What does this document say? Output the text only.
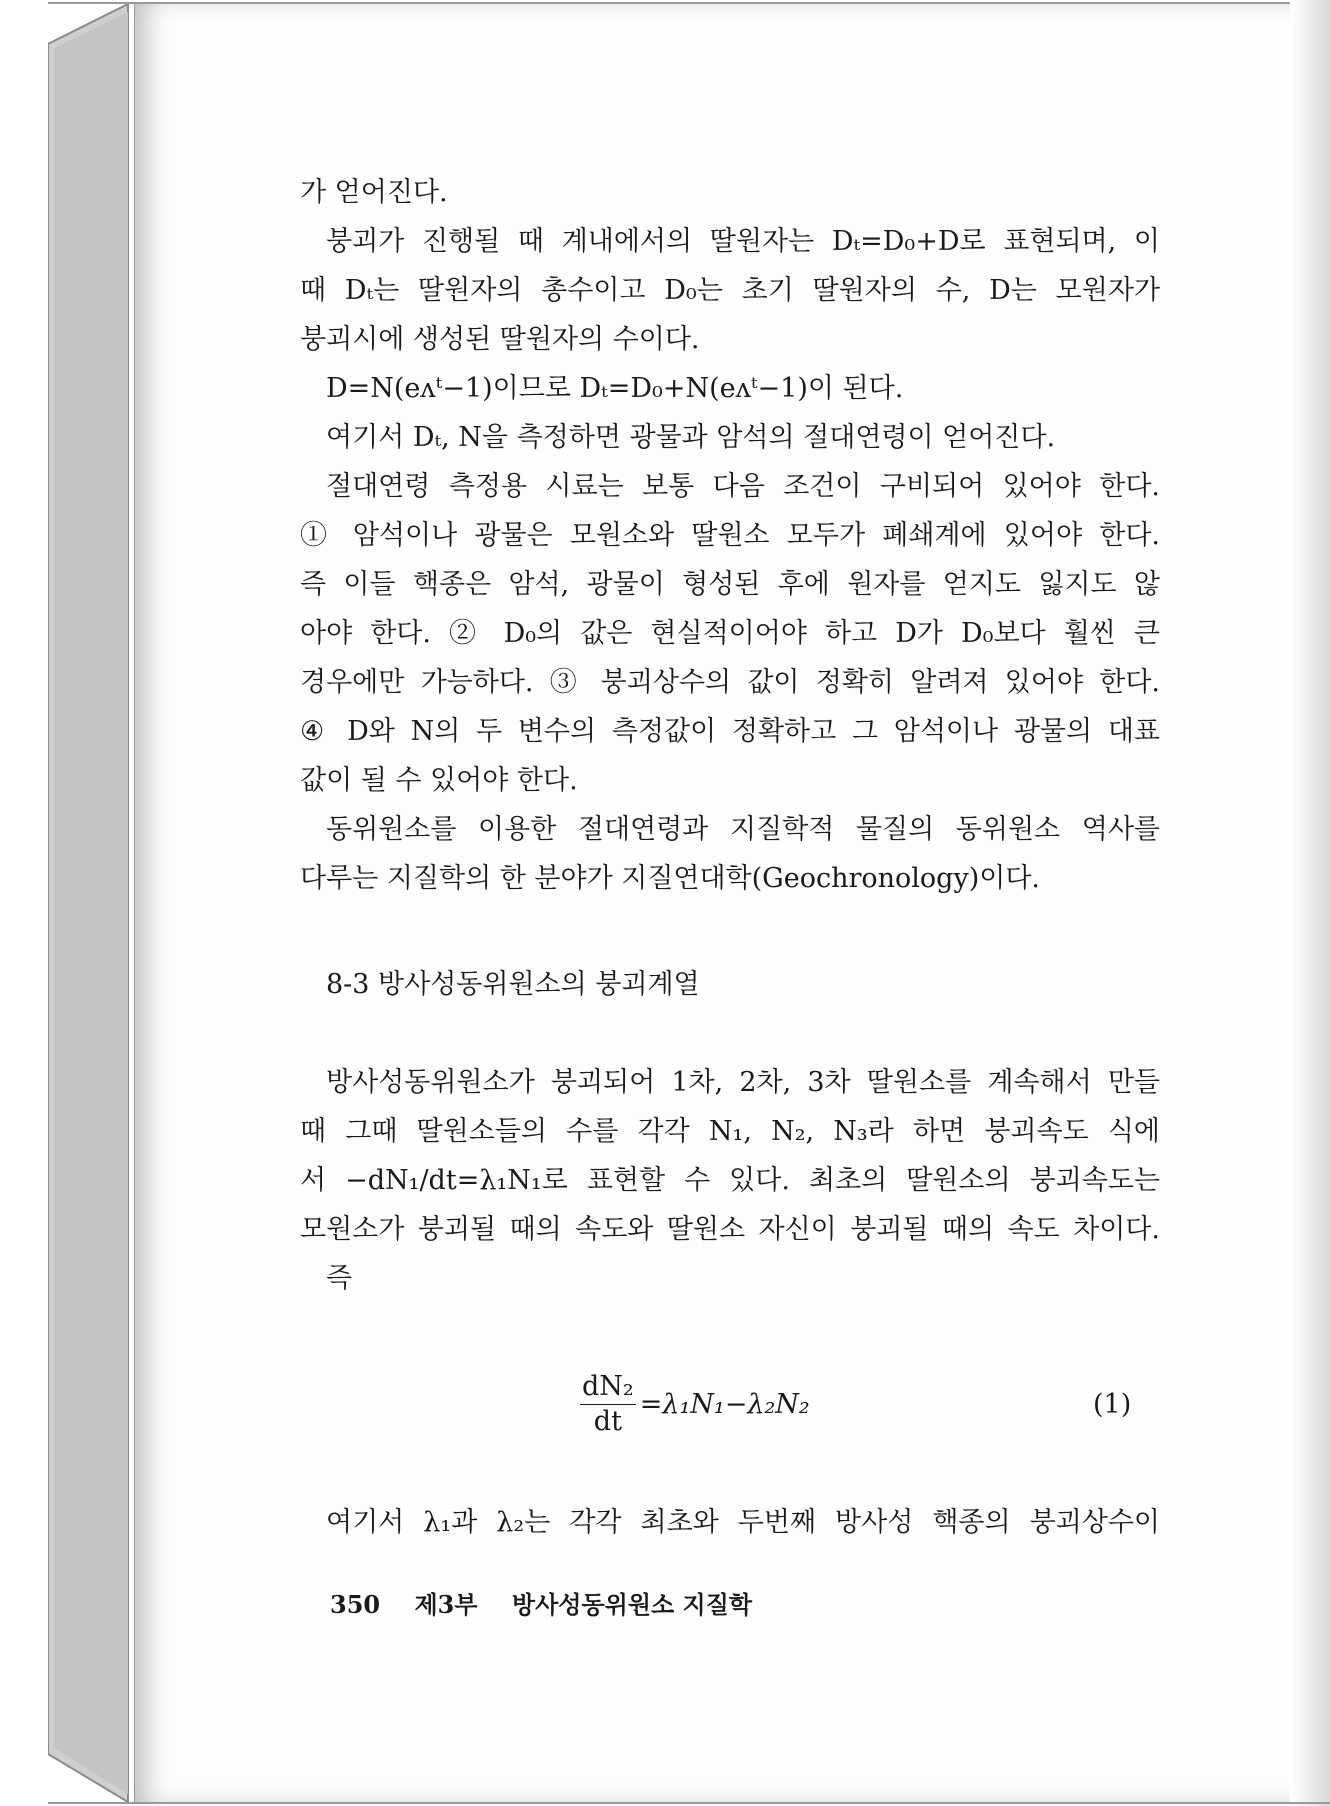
가 얻어진다.
붕괴가 진행될 때 계내에서의 딸원자는 Dₜ=D₀+D로 표현되며, 이
때 Dₜ는 딸원자의 총수이고 D₀는 초기 딸원자의 수, D는 모원자가
붕괴시에 생성된 딸원자의 수이다.
D=N(eᴧᵗ−1)이므로 Dₜ=D₀+N(eᴧᵗ−1)이 된다.
여기서 Dₜ, N을 측정하면 광물과 암석의 절대연령이 얻어진다.
절대연령 측정용 시료는 보통 다음 조건이 구비되어 있어야 한다.
① 암석이나 광물은 모원소와 딸원소 모두가 폐쇄계에 있어야 한다.
즉 이들 핵종은 암석, 광물이 형성된 후에 원자를 얻지도 잃지도 않
아야 한다. ② D₀의 값은 현실적이어야 하고 D가 D₀보다 훨씬 큰
경우에만 가능하다. ③ 붕괴상수의 값이 정확히 알려져 있어야 한다.
④ D와 N의 두 변수의 측정값이 정확하고 그 암석이나 광물의 대표
값이 될 수 있어야 한다.
동위원소를 이용한 절대연령과 지질학적 물질의 동위원소 역사를
다루는 지질학의 한 분야가 지질연대학(Geochronology)이다.
8-3 방사성동위원소의 붕괴계열
방사성동위원소가 붕괴되어 1차, 2차, 3차 딸원소를 계속해서 만들
때 그때 딸원소들의 수를 각각 N₁, N₂, N₃라 하면 붕괴속도 식에
서 −dN₁/dt=λ₁N₁로 표현할 수 있다. 최초의 딸원소의 붕괴속도는
모원소가 붕괴될 때의 속도와 딸원소 자신이 붕괴될 때의 속도 차이다.
즉
$\frac{\text{dN₂}}{dt} =\lambda_1N_1-\lambda_2N_2$	(1)
여기서 λ₁과 λ₂는 각각 최초와 두번째 방사성 핵종의 붕괴상수이
350 제3부 방사성동위원소 지질학
